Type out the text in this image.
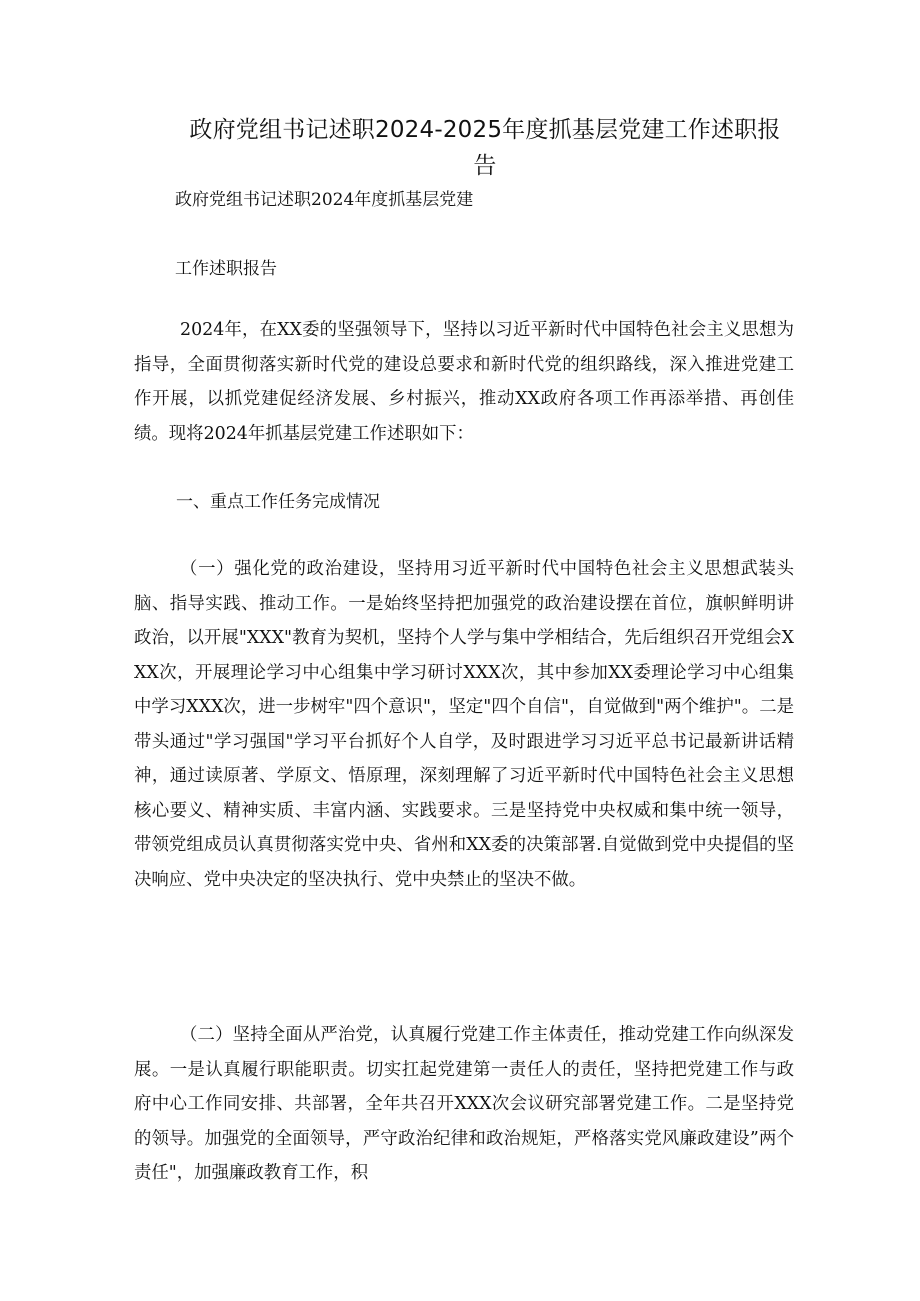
政府党组书记述职2024-2025年度抓基层党建工作述职报告

政府党组书记述职2024年度抓基层党建

工作述职报告

2024年，在XX委的坚强领导下，坚持以习近平新时代中国特色社会主义思想为指导，全面贯彻落实新时代党的建设总要求和新时代党的组织路线，深入推进党建工作开展，以抓党建促经济发展、乡村振兴，推动XX政府各项工作再添举措、再创佳绩。现将2024年抓基层党建工作述职如下：

一、重点工作任务完成情况

（一）强化党的政治建设，坚持用习近平新时代中国特色社会主义思想武装头脑、指导实践、推动工作。一是始终坚持把加强党的政治建设摆在首位，旗帜鲜明讲政治，以开展"XXX"教育为契机，坚持个人学与集中学相结合，先后组织召开党组会XXX次，开展理论学习中心组集中学习研讨XXX次，其中参加XX委理论学习中心组集中学习XXX次，进一步树牢"四个意识"，坚定"四个自信"，自觉做到"两个维护"。二是带头通过"学习强国"学习平台抓好个人自学，及时跟进学习习近平总书记最新讲话精神，通过读原著、学原文、悟原理，深刻理解了习近平新时代中国特色社会主义思想核心要义、精神实质、丰富内涵、实践要求。三是坚持党中央权威和集中统一领导，带领党组成员认真贯彻落实党中央、省州和XX委的决策部署.自觉做到党中央提倡的坚决响应、党中央决定的坚决执行、党中央禁止的坚决不做。

（二）坚持全面从严治党，认真履行党建工作主体责任，推动党建工作向纵深发展。一是认真履行职能职责。切实扛起党建第一责任人的责任，坚持把党建工作与政府中心工作同安排、共部署，全年共召开XXX次会议研究部署党建工作。二是坚持党的领导。加强党的全面领导，严守政治纪律和政治规矩，严格落实党风廉政建设”两个责任"，加强廉政教育工作，积
